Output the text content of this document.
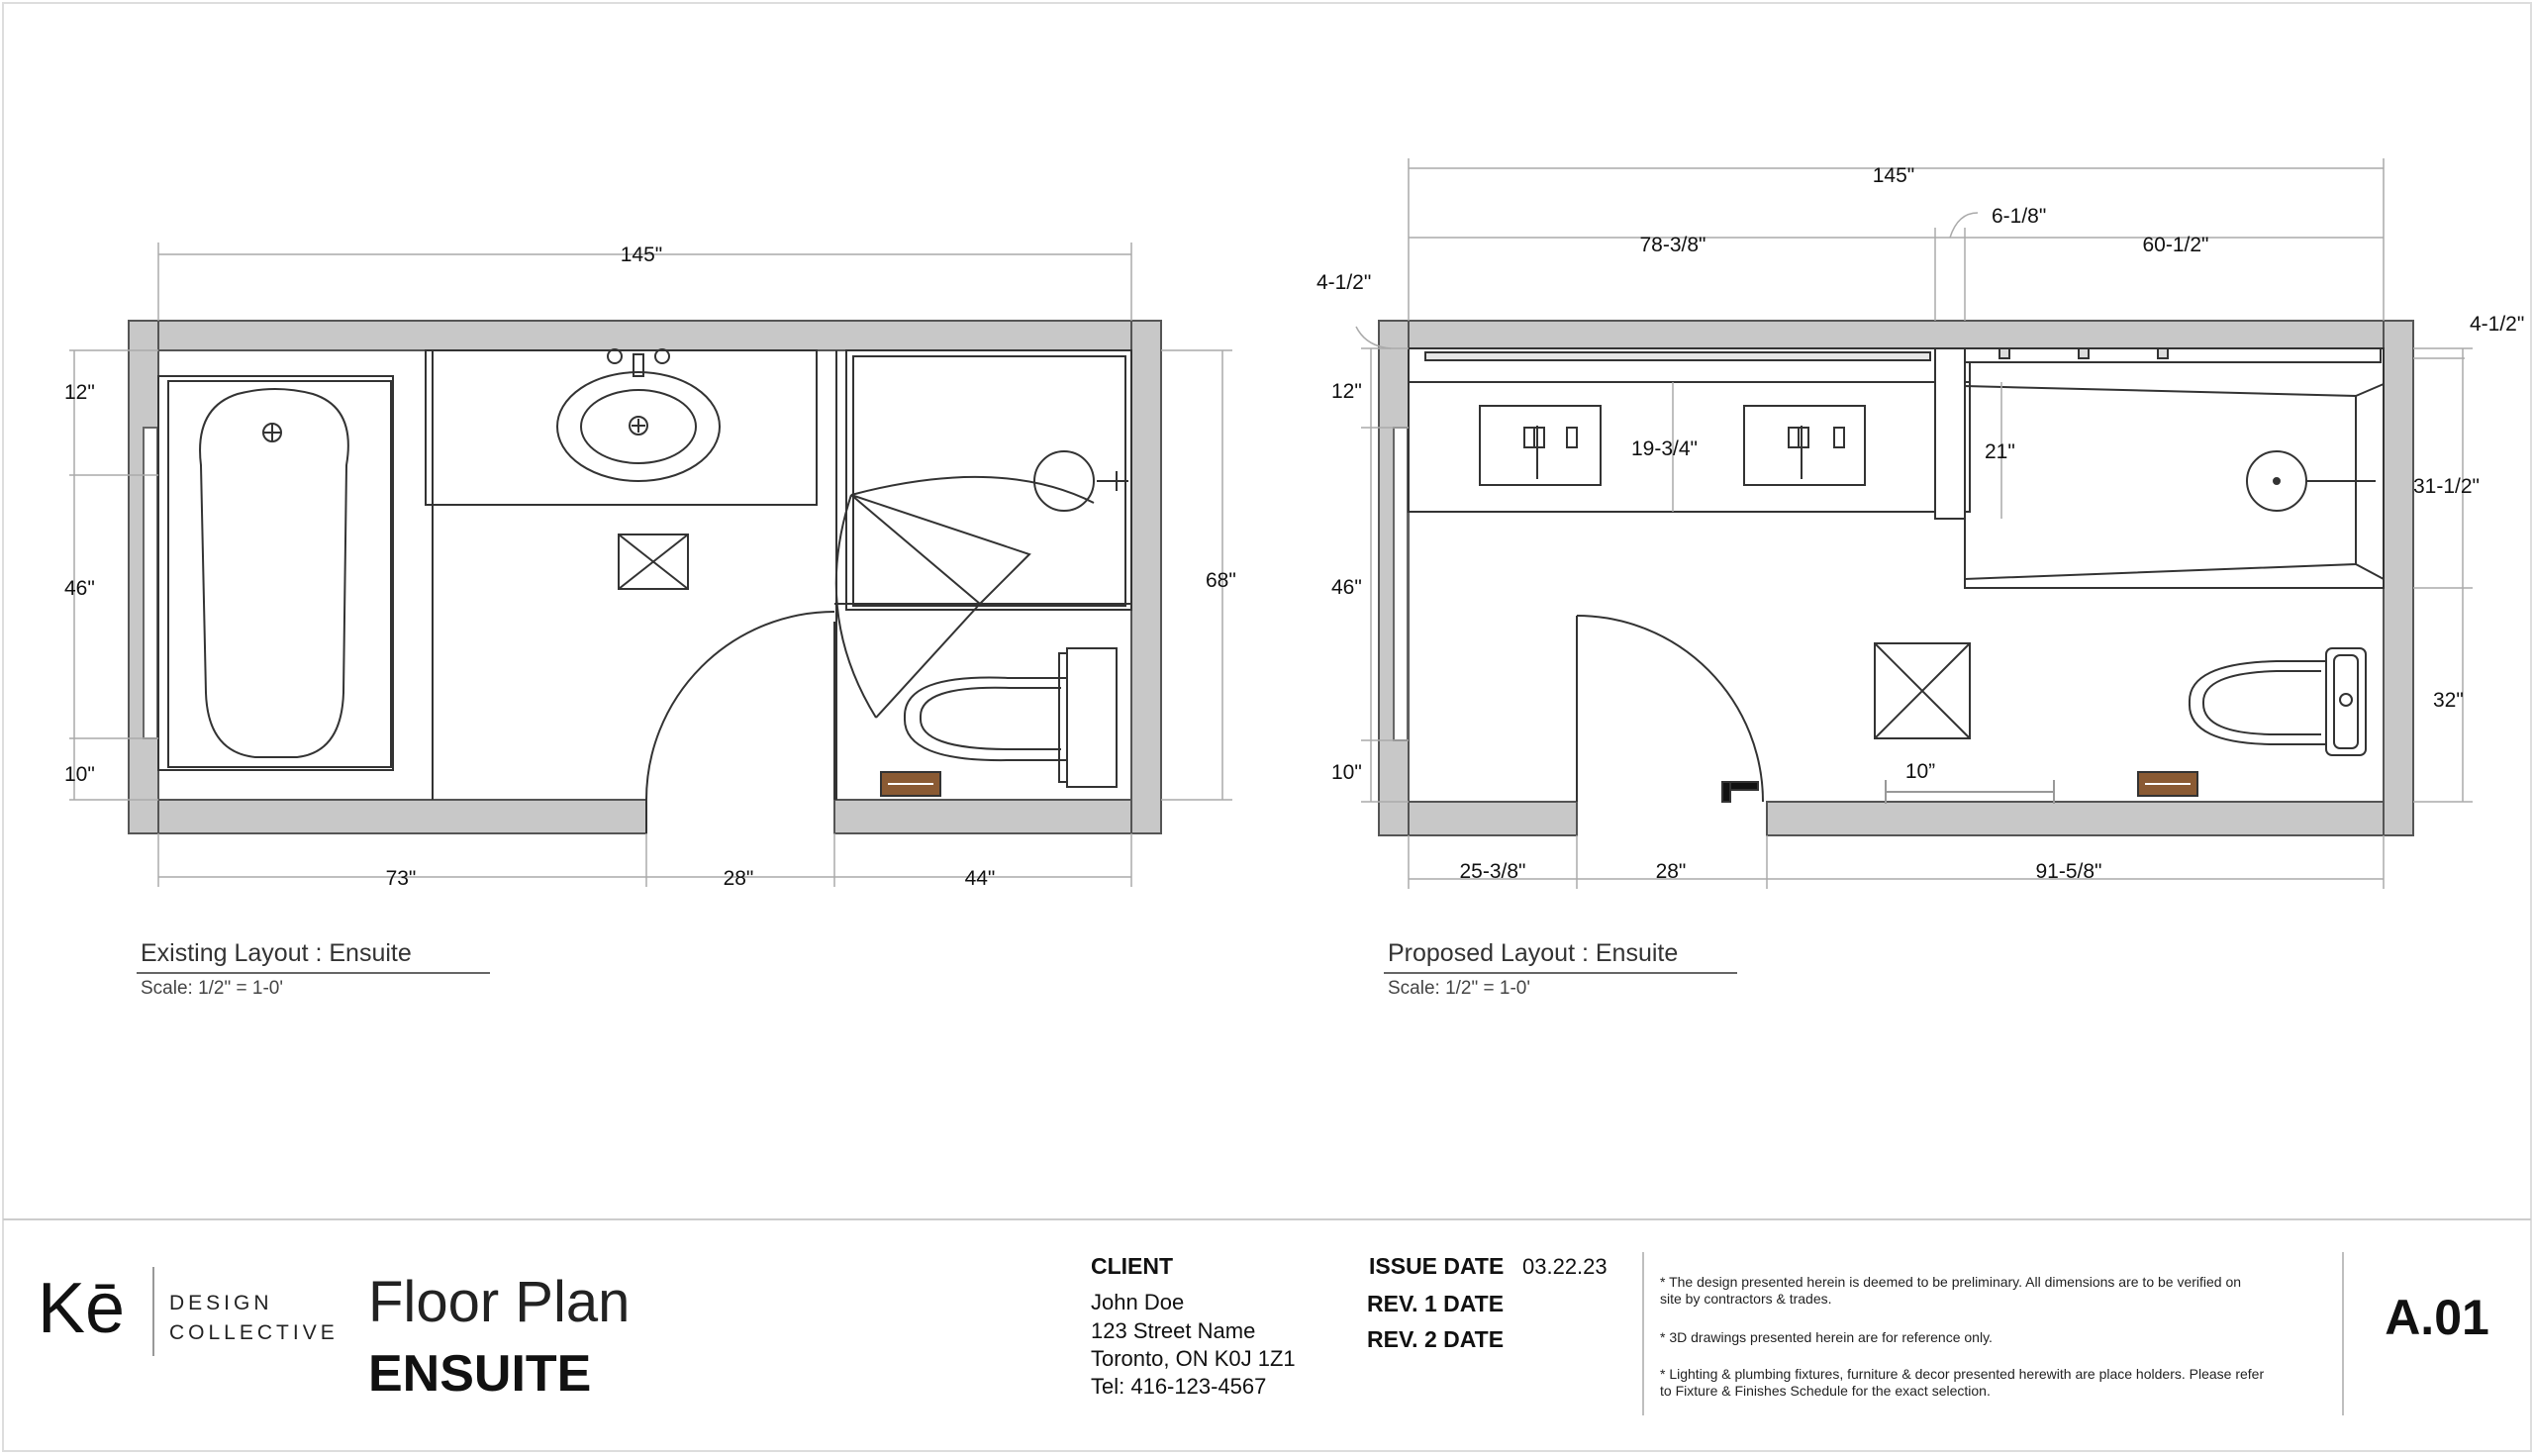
145"
12"
46"
10"
68"
73"	28"	44"
Existing Layout : Ensuite
Scale: 1/2" = 1-0'
145"
78-3/8"
6-1/8"
60-1/2"
4-1/2"
4-1/2"
12"
46"
10"
19-3/4"	21"
31-1/2"
32"
10”
25-3/8"	28"	91-5/8"
Proposed Layout : Ensuite
Scale: 1/2" = 1-0'
Kē DESIGN
COLLECTIVE Floor Plan
ENSUITE
CLIENT
John Doe
123 Street Name
Toronto, ON K0J 1Z1
Tel: 416-123-4567
ISSUE DATE 03.22.23
REV. 1 DATE
REV. 2 DATE
* The design presented herein is deemed to be preliminary. All dimensions are to be verified on
site by contractors & trades.
* 3D drawings presented herein are for reference only.
* Lighting & plumbing fixtures, furniture & decor presented herewith are place holders. Please refer
to Fixture & Finishes Schedule for the exact selection.
A.01
